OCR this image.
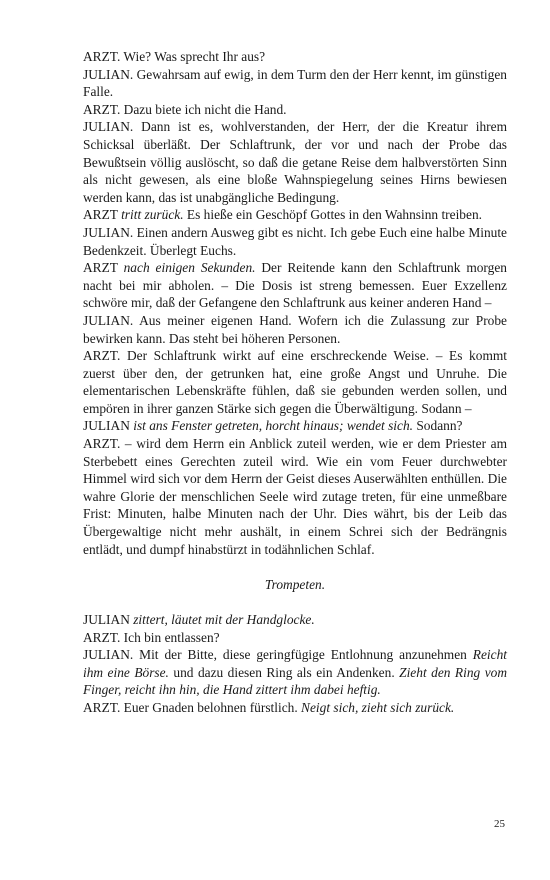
ARZT. Wie? Was sprecht Ihr aus?

JULIAN. Gewahrsam auf ewig, in dem Turm den der Herr kennt, im günstigen Falle.

ARZT. Dazu biete ich nicht die Hand.

JULIAN. Dann ist es, wohlverstanden, der Herr, der die Kreatur ihrem Schicksal überläßt. Der Schlaftrunk, der vor und nach der Probe das Bewußtsein völlig auslöscht, so daß die getane Reise dem halbverstörten Sinn als nicht gewesen, als eine bloße Wahnspiegelung seines Hirns bewiesen werden kann, das ist unabgängliche Bedingung.

ARZT tritt zurück. Es hieße ein Geschöpf Gottes in den Wahnsinn treiben.

JULIAN. Einen andern Ausweg gibt es nicht. Ich gebe Euch eine halbe Minute Bedenkzeit. Überlegt Euchs.

ARZT nach einigen Sekunden. Der Reitende kann den Schlaftrunk morgen nacht bei mir abholen. – Die Dosis ist streng bemessen. Euer Exzellenz schwöre mir, daß der Gefangene den Schlaftrunk aus keiner anderen Hand –

JULIAN. Aus meiner eigenen Hand. Wofern ich die Zulassung zur Probe bewirken kann. Das steht bei höheren Personen.

ARZT. Der Schlaftrunk wirkt auf eine erschreckende Weise. – Es kommt zuerst über den, der getrunken hat, eine große Angst und Unruhe. Die elementarischen Lebenskräfte fühlen, daß sie gebunden werden sollen, und empören in ihrer ganzen Stärke sich gegen die Überwältigung. Sodann –

JULIAN ist ans Fenster getreten, horcht hinaus; wendet sich. Sodann?

ARZT. – wird dem Herrn ein Anblick zuteil werden, wie er dem Priester am Sterbebett eines Gerechten zuteil wird. Wie ein vom Feuer durchwebter Himmel wird sich vor dem Herrn der Geist dieses Auserwählten enthüllen. Die wahre Glorie der menschlichen Seele wird zutage treten, für eine unmeßbare Frist: Minuten, halbe Minuten nach der Uhr. Dies währt, bis der Leib das Übergewaltige nicht mehr aushält, in einem Schrei sich der Bedrängnis entlädt, und dumpf hinabstürzt in todähnlichen Schlaf.

Trompeten.

JULIAN zittert, läutet mit der Handglocke.

ARZT. Ich bin entlassen?

JULIAN. Mit der Bitte, diese geringfügige Entlohnung anzunehmen Reicht ihm eine Börse. und dazu diesen Ring als ein Andenken. Zieht den Ring vom Finger, reicht ihn hin, die Hand zittert ihm dabei heftig.

ARZT. Euer Gnaden belohnen fürstlich. Neigt sich, zieht sich zurück.

25
